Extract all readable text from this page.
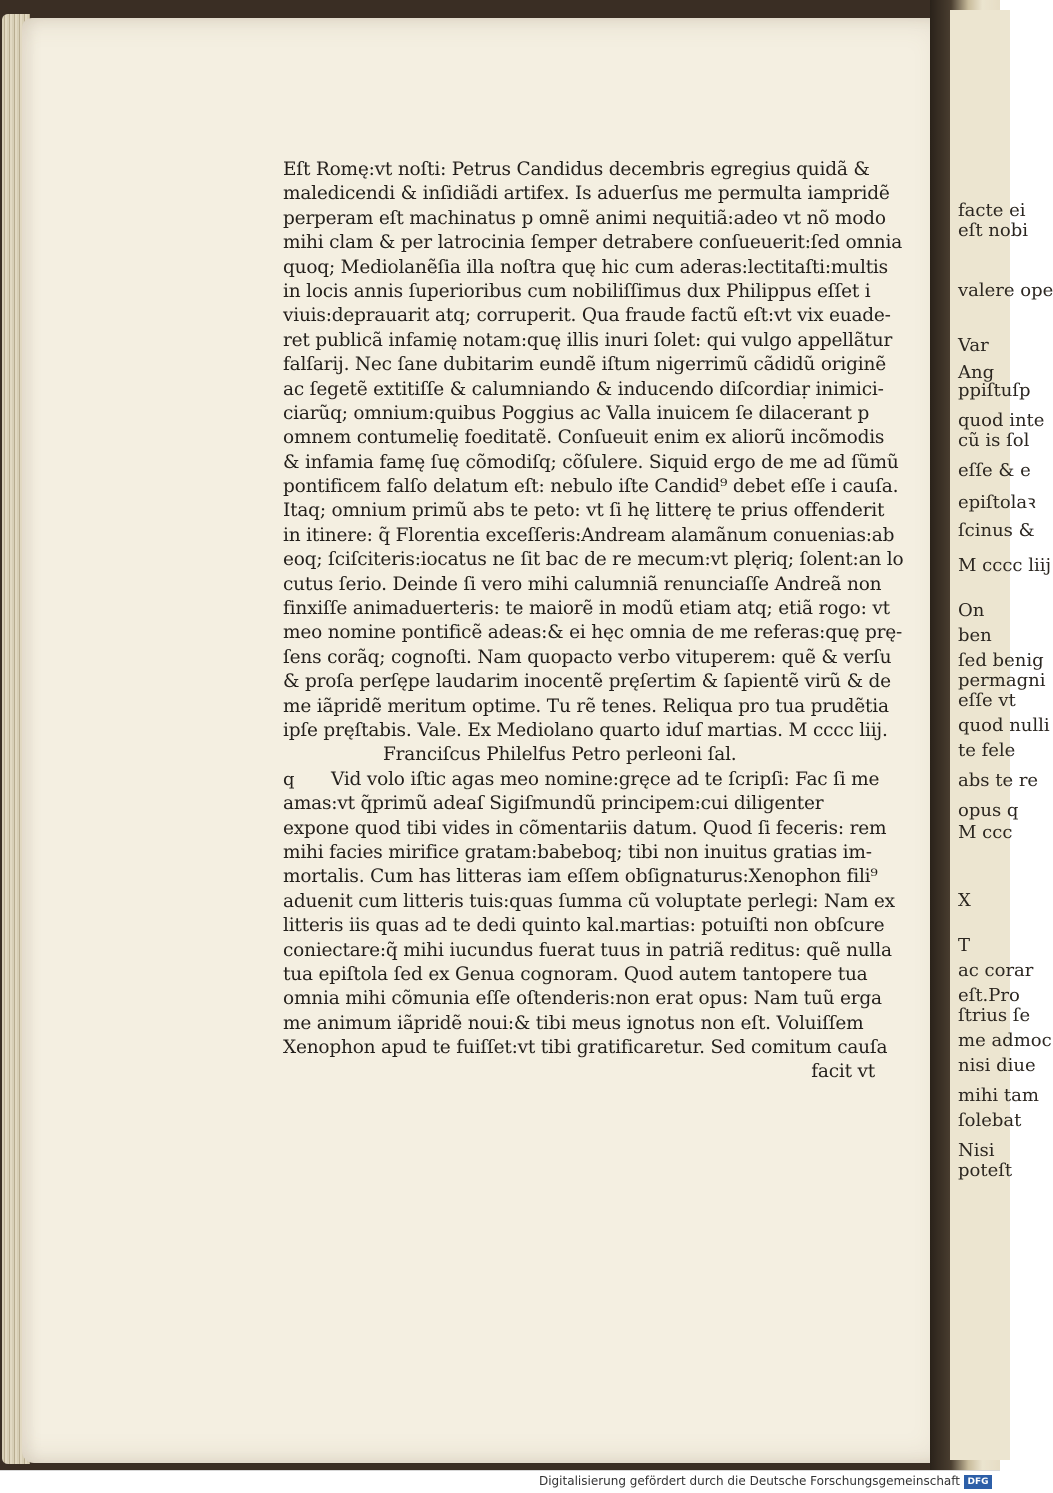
facte ei
eſt nobi
valere ope
Var
Ang
ppiſtuſp
quod inte
cũ is ſol
eſſe & e
epiſtolaꝛ
ſcinus &
M cccc liij
On
ben
ſed benig
permagni
eſſe vt
quod nulli
te fele
abs te re
opus q
M ccc
X
T
ac corar
eſt.Pro
ſtrius ſe
me admoc
nisi diue
mihi tam
ſolebat
Nisi
poteſt
Eſt Romę:vt noſti: Petrus Candidus decembris egregius quidã &
maledicendi & inſidiãdi artifex. Is aduerſus me permulta iampridẽ
perperam eſt machinatus p omnẽ animi nequitiã:adeo vt nõ modo
mihi clam & per latrocinia ſemper detrabere conſueuerit:ſed omnia
quoq; Mediolanẽſia illa noſtra quę hic cum aderas:lectitaſti:multis
in locis annis ſuperioribus cum nobiliſſimus dux Philippus eſſet i
viuis:deprauarit atq; corruperit. Qua fraude factũ eſt:vt vix euade-
ret publicã infamię notam:quę illis inuri ſolet: qui vulgo appellãtur
falſarij. Nec ſane dubitarim eundẽ iſtum nigerrimũ cãdidũ originẽ
ac ſegetẽ extitiſſe & calumniando & inducendo diſcordiaṛ inimici-
ciarũq; omnium:quibus Poggius ac Valla inuicem ſe dilacerant p
omnem contumelię foeditatẽ. Conſueuit enim ex aliorũ incõmodis
& infamia famę ſuę cõmodiſq; cõſulere. Siquid ergo de me ad ſũmũ
pontificem falſo delatum eſt: nebulo iſte Candid⁹ debet eſſe i cauſa.
Itaq; omnium primũ abs te peto: vt ſi hę litterę te prius offenderit
in itinere: q̃ Florentia exceſſeris:Andream alamãnum conuenias:ab
eoq; ſciſciteris:iocatus ne ſit bac de re mecum:vt plęriq; ſolent:an lo
cutus ſerio. Deinde ſi vero mihi calumniã renunciaſſe Andreã non
finxiſſe animaduerteris: te maiorẽ in modũ etiam atq; etiã rogo: vt
meo nomine pontificẽ adeas:& ei hęc omnia de me referas:quę prę-
ſens corãq; cognoſti. Nam quopacto verbo vituperem: quẽ & verſu
& proſa perſępe laudarim inocentẽ pręſertim & ſapientẽ virũ & de
me iãpridẽ meritum optime. Tu rẽ tenes. Reliqua pro tua prudẽtia
ipſe pręſtabis. Vale. Ex Mediolano quarto iduſ martias. M cccc liij.
Franciſcus Philelfus Petro perleoni ſal.
q Vid volo iſtic agas meo nomine:gręce ad te ſcripſi: Fac ſi me
amas:vt q̃primũ adeaſ Sigiſmundũ principem:cui diligenter
expone quod tibi vides in cõmentariis datum. Quod ſi feceris: rem
mihi facies mirifice gratam:babeboq; tibi non inuitus gratias im-
mortalis. Cum has litteras iam eſſem obſignaturus:Xenophon fili⁹
aduenit cum litteris tuis:quas ſumma cũ voluptate perlegi: Nam ex
litteris iis quas ad te dedi quinto kal.martias: potuiſti non obſcure
coniectare:q̃ mihi iucundus fuerat tuus in patriã reditus: quẽ nulla
tua epiſtola ſed ex Genua cognoram. Quod autem tantopere tua
omnia mihi cõmunia eſſe oſtenderis:non erat opus: Nam tuũ erga
me animum iãpridẽ noui:& tibi meus ignotus non eſt. Voluiſſem
Xenophon apud te fuiſſet:vt tibi gratificaretur. Sed comitum cauſa
facit vt
Digitalisierung gefördert durch die Deutsche Forschungsgemeinschaft DFG
